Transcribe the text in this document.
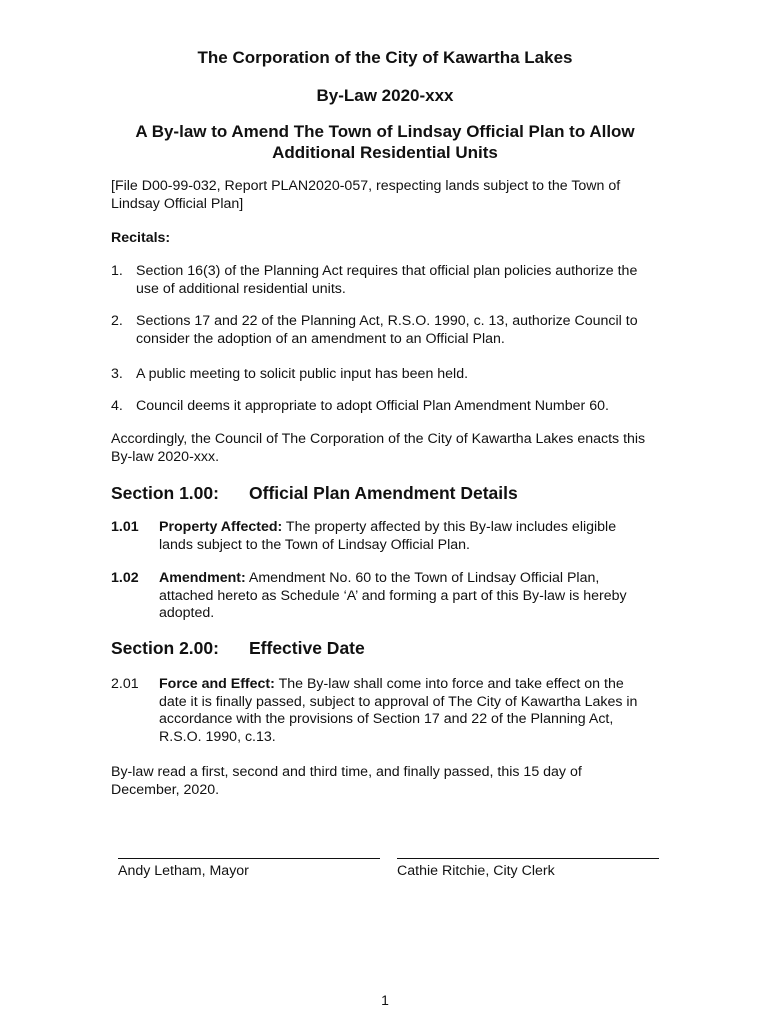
The Corporation of the City of Kawartha Lakes
By-Law 2020-xxx
A By-law to Amend The Town of Lindsay Official Plan to Allow Additional Residential Units
[File D00-99-032, Report PLAN2020-057, respecting lands subject to the Town of Lindsay Official Plan]
Recitals:
1. Section 16(3) of the Planning Act requires that official plan policies authorize the use of additional residential units.
2. Sections 17 and 22 of the Planning Act, R.S.O. 1990, c. 13, authorize Council to consider the adoption of an amendment to an Official Plan.
3. A public meeting to solicit public input has been held.
4. Council deems it appropriate to adopt Official Plan Amendment Number 60.
Accordingly, the Council of The Corporation of the City of Kawartha Lakes enacts this By-law 2020-xxx.
Section 1.00: Official Plan Amendment Details
1.01	Property Affected: The property affected by this By-law includes eligible lands subject to the Town of Lindsay Official Plan.
1.02	Amendment: Amendment No. 60 to the Town of Lindsay Official Plan, attached hereto as Schedule ‘A’ and forming a part of this By-law is hereby adopted.
Section 2.00: Effective Date
2.01	Force and Effect: The By-law shall come into force and take effect on the date it is finally passed, subject to approval of The City of Kawartha Lakes in accordance with the provisions of Section 17 and 22 of the Planning Act, R.S.O. 1990, c.13.
By-law read a first, second and third time, and finally passed, this 15 day of December, 2020.
Andy Letham, Mayor	Cathie Ritchie, City Clerk
1
